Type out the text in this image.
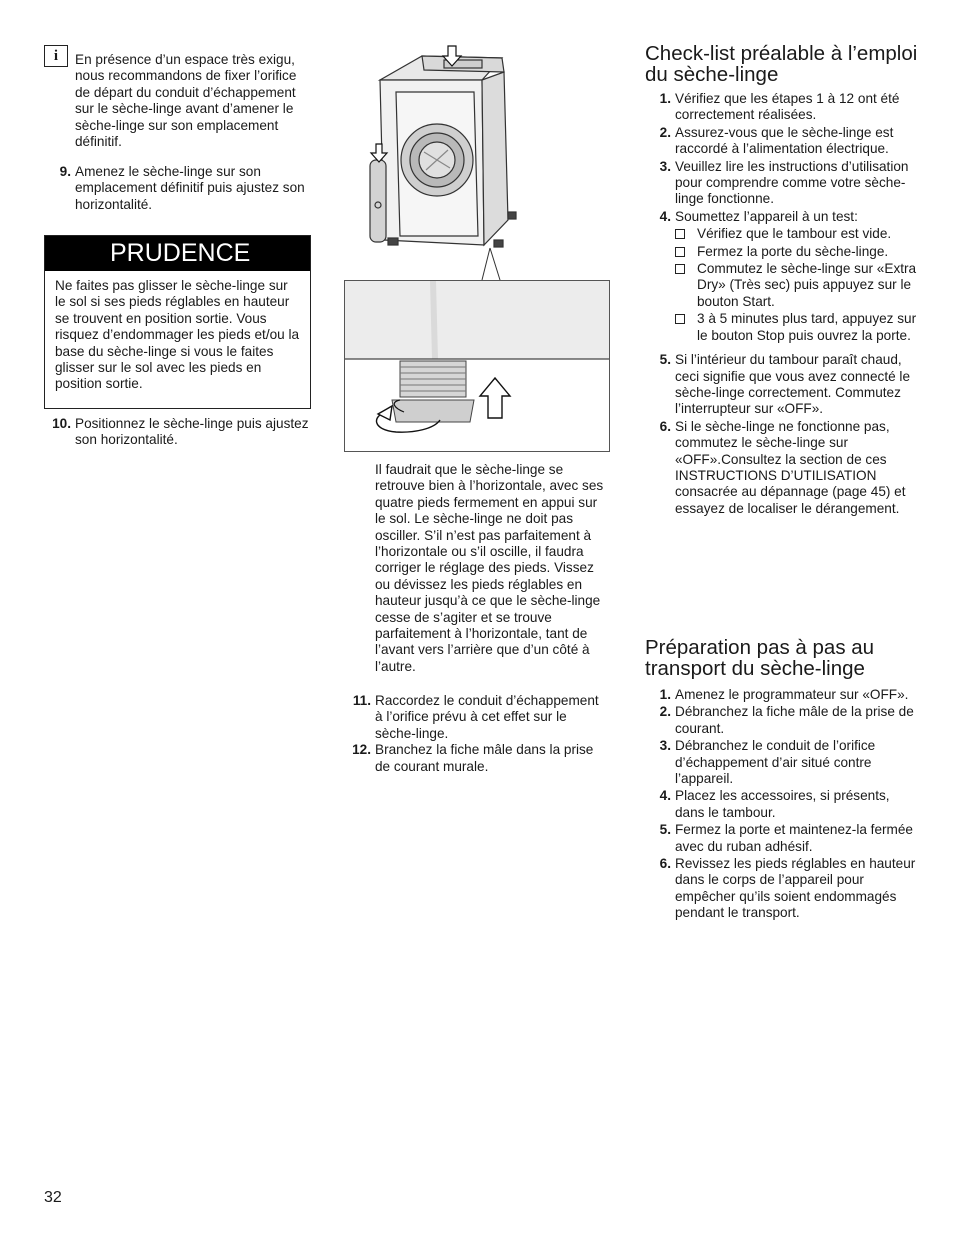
i	En présence d’un espace très exigu, nous recommandons de fixer l’orifice de départ du conduit d’échappement sur le sèche-linge avant d’amener le sèche-linge sur son emplacement définitif.

9. Amenez le sèche-linge sur son emplacement définitif puis ajustez son horizontalité.
PRUDENCE

Ne faites pas glisser le sèche-linge sur le sol si ses pieds réglables en hauteur se trouvent en position sortie. Vous risquez d’endommager les pieds et/ou la base du sèche-linge si vous le faites glisser sur le sol avec les pieds en position sortie.

10. Positionnez le sèche-linge puis ajustez son horizontalité.

Il faudrait que le sèche-linge se retrouve bien à l’horizontale, avec ses quatre pieds fermement en appui sur le sol. Le sèche-linge ne doit pas osciller. S’il n’est pas parfaitement à l’horizontale ou s’il oscille, il faudra corriger le réglage des pieds. Vissez ou dévissez les pieds réglables en hauteur jusqu’à ce que le sèche-linge cesse de s’agiter et se trouve parfaitement à l’horizontale, tant de l’avant vers l’arrière que d’un côté à l’autre.

11. Raccordez le conduit d’échappement à l’orifice prévu à cet effet sur le sèche-linge.
12. Branchez la fiche mâle dans la prise de courant murale.
Check-list préalable à l’emploi du sèche-linge
1. Vérifiez que les étapes 1 à 12 ont été correctement réalisées.
2. Assurez-vous que le sèche-linge est raccordé à l’alimentation électrique.
3. Veuillez lire les instructions d’utilisation pour comprendre comme votre sèche-linge fonctionne.
4. Soumettez l’appareil à un test:
Vérifiez que le tambour est vide.
Fermez la porte du sèche-linge.
Commutez le sèche-linge sur «Extra Dry» (Très sec) puis appuyez sur le bouton Start.
3 à 5 minutes plus tard, appuyez sur le bouton Stop puis ouvrez la porte.
5. Si l’intérieur du tambour paraît chaud, ceci signifie que vous avez connecté le sèche-linge correctement. Commutez l’interrupteur sur «OFF».
6. Si le sèche-linge ne fonctionne pas, commutez le sèche-linge sur «OFF».Consultez la section de ces INSTRUCTIONS D’UTILISATION consacrée au dépannage (page 45) et essayez de localiser le dérangement.
Préparation pas à pas au transport du sèche-linge
1. Amenez le programmateur sur «OFF».
2. Débranchez la fiche mâle de la prise de courant.
3. Débranchez le conduit de l’orifice d’échappement d’air situé contre l’appareil.
4. Placez les accessoires, si présents, dans le tambour.
5. Fermez la porte et maintenez-la fermée avec du ruban adhésif.
6. Revissez les pieds réglables en hauteur dans le corps de l’appareil pour empêcher qu’ils soient endommagés pendant le transport.
32
